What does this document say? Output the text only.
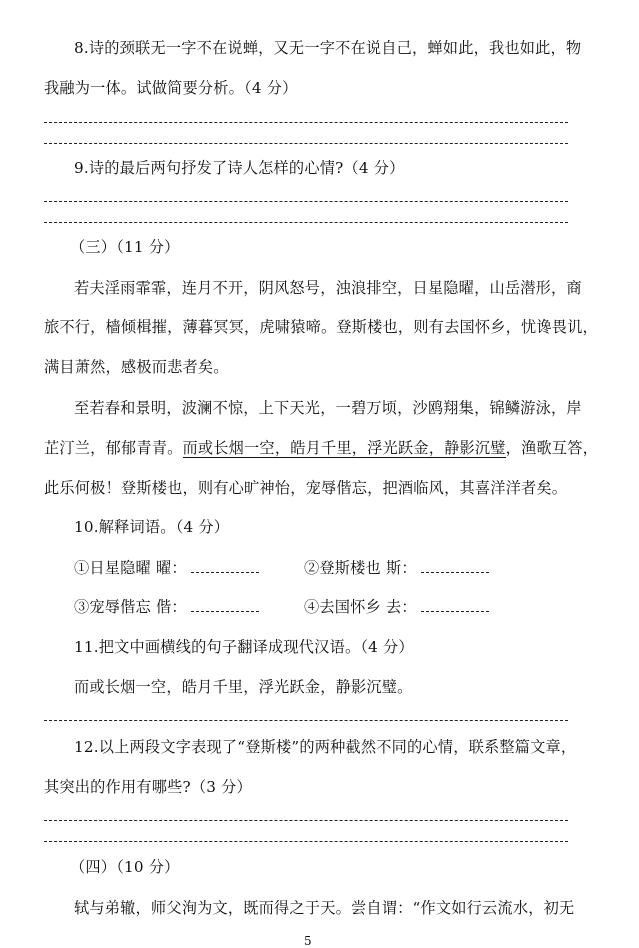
8.诗的颈联无一字不在说蝉，又无一字不在说自己，蝉如此，我也如此，物
我融为一体。试做简要分析。（4 分）
9.诗的最后两句抒发了诗人怎样的心情?（4 分）
（三）（11 分）
若夫淫雨霏霏，连月不开，阴风怒号，浊浪排空，日星隐曜，山岳潜形，商
旅不行，樯倾楫摧，薄暮冥冥，虎啸猿啼。登斯楼也，则有去国怀乡，忧谗畏讥，
满目萧然，感极而悲者矣。
至若春和景明，波澜不惊，上下天光，一碧万顷，沙鸥翔集，锦鳞游泳，岸
芷汀兰，郁郁青青。而或长烟一空，皓月千里，浮光跃金，静影沉璧，渔歌互答，
此乐何极！登斯楼也，则有心旷神怡，宠辱偕忘，把酒临风，其喜洋洋者矣。
10.解释词语。（4 分）
①日星隐曜 曜：	②登斯楼也 斯：
③宠辱偕忘 偕：	④去国怀乡 去：
11.把文中画横线的句子翻译成现代汉语。（4 分）
而或长烟一空，皓月千里，浮光跃金，静影沉璧。
12.以上两段文字表现了“登斯楼”的两种截然不同的心情，联系整篇文章，
其突出的作用有哪些?（3 分）
（四）（10 分）
轼与弟辙，师父洵为文，既而得之于天。尝自谓：“作文如行云流水，初无
5
